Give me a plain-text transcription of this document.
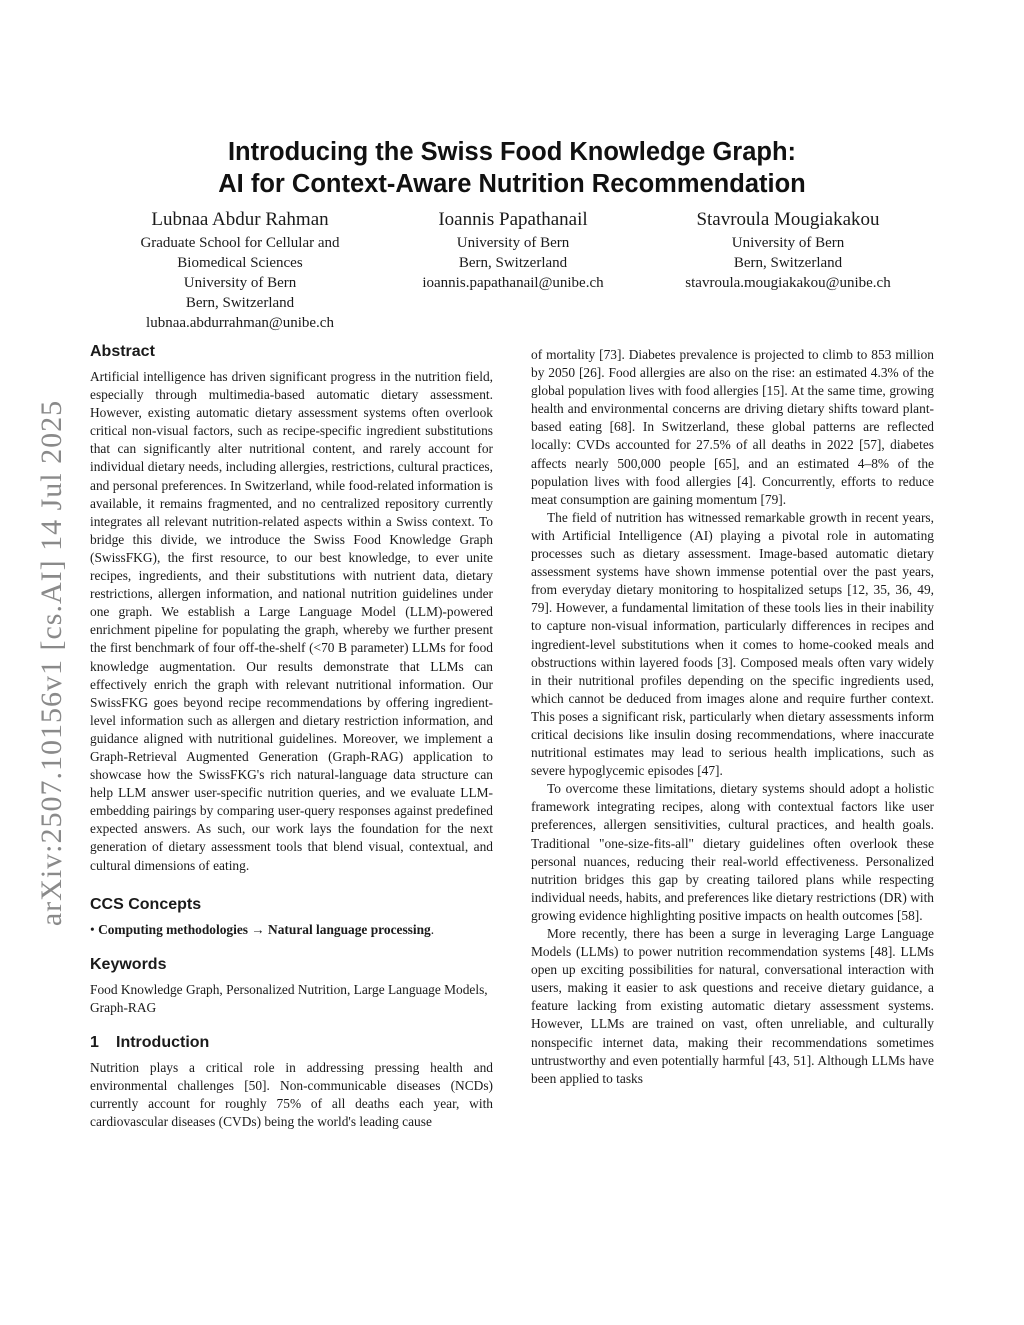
arXiv:2507.10156v1 [cs.AI] 14 Jul 2025
Introducing the Swiss Food Knowledge Graph:
AI for Context-Aware Nutrition Recommendation
Lubnaa Abdur Rahman
Graduate School for Cellular and
Biomedical Sciences
University of Bern
Bern, Switzerland
lubnaa.abdurrahman@unibe.ch
Ioannis Papathanail
University of Bern
Bern, Switzerland
ioannis.papathanail@unibe.ch
Stavroula Mougiakakou
University of Bern
Bern, Switzerland
stavroula.mougiakakou@unibe.ch
Abstract

Artificial intelligence has driven significant progress in the nutrition field, especially through multimedia-based automatic dietary assessment. However, existing automatic dietary assessment systems often overlook critical non-visual factors, such as recipe-specific ingredient substitutions that can significantly alter nutritional content, and rarely account for individual dietary needs, including allergies, restrictions, cultural practices, and personal preferences. In Switzerland, while food-related information is available, it remains fragmented, and no centralized repository currently integrates all relevant nutrition-related aspects within a Swiss context. To bridge this divide, we introduce the Swiss Food Knowledge Graph (SwissFKG), the first resource, to our best knowledge, to ever unite recipes, ingredients, and their substitutions with nutrient data, dietary restrictions, allergen information, and national nutrition guidelines under one graph. We establish a Large Language Model (LLM)-powered enrichment pipeline for populating the graph, whereby we further present the first benchmark of four off-the-shelf (<70 B parameter) LLMs for food knowledge augmentation. Our results demonstrate that LLMs can effectively enrich the graph with relevant nutritional information. Our SwissFKG goes beyond recipe recommendations by offering ingredient-level information such as allergen and dietary restriction information, and guidance aligned with nutritional guidelines. Moreover, we implement a Graph-Retrieval Augmented Generation (Graph-RAG) application to showcase how the SwissFKG's rich natural-language data structure can help LLM answer user-specific nutrition queries, and we evaluate LLM-embedding pairings by comparing user-query responses against predefined expected answers. As such, our work lays the foundation for the next generation of dietary assessment tools that blend visual, contextual, and cultural dimensions of eating.

CCS Concepts
• Computing methodologies → Natural language processing.
Keywords

Food Knowledge Graph, Personalized Nutrition, Large Language Models, Graph-RAG

1 Introduction

Nutrition plays a critical role in addressing pressing health and environmental challenges [50]. Non-communicable diseases (NCDs) currently account for roughly 75% of all deaths each year, with cardiovascular diseases (CVDs) being the world's leading cause

of mortality [73]. Diabetes prevalence is projected to climb to 853 million by 2050 [26]. Food allergies are also on the rise: an estimated 4.3% of the global population lives with food allergies [15]. At the same time, growing health and environmental concerns are driving dietary shifts toward plant-based eating [68]. In Switzerland, these global patterns are reflected locally: CVDs accounted for 27.5% of all deaths in 2022 [57], diabetes affects nearly 500,000 people [65], and an estimated 4–8% of the population lives with food allergies [4]. Concurrently, efforts to reduce meat consumption are gaining momentum [79].

The field of nutrition has witnessed remarkable growth in recent years, with Artificial Intelligence (AI) playing a pivotal role in automating processes such as dietary assessment. Image-based automatic dietary assessment systems have shown immense potential over the past years, from everyday dietary monitoring to hospitalized setups [12, 35, 36, 49, 79]. However, a fundamental limitation of these tools lies in their inability to capture non-visual information, particularly differences in recipes and ingredient-level substitutions when it comes to home-cooked meals and obstructions within layered foods [3]. Composed meals often vary widely in their nutritional profiles depending on the specific ingredients used, which cannot be deduced from images alone and require further context. This poses a significant risk, particularly when dietary assessments inform critical decisions like insulin dosing recommendations, where inaccurate nutritional estimates may lead to serious health implications, such as severe hypoglycemic episodes [47].

To overcome these limitations, dietary systems should adopt a holistic framework integrating recipes, along with contextual factors like user preferences, allergen sensitivities, cultural practices, and health goals. Traditional "one-size-fits-all" dietary guidelines often overlook these personal nuances, reducing their real-world effectiveness. Personalized nutrition bridges this gap by creating tailored plans while respecting individual needs, habits, and preferences like dietary restrictions (DR) with growing evidence highlighting positive impacts on health outcomes [58].

More recently, there has been a surge in leveraging Large Language Models (LLMs) to power nutrition recommendation systems [48]. LLMs open up exciting possibilities for natural, conversational interaction with users, making it easier to ask questions and receive dietary guidance, a feature lacking from existing automatic dietary assessment systems. However, LLMs are trained on vast, often unreliable, and culturally nonspecific internet data, making their recommendations sometimes untrustworthy and even potentially harmful [43, 51]. Although LLMs have been applied to tasks
